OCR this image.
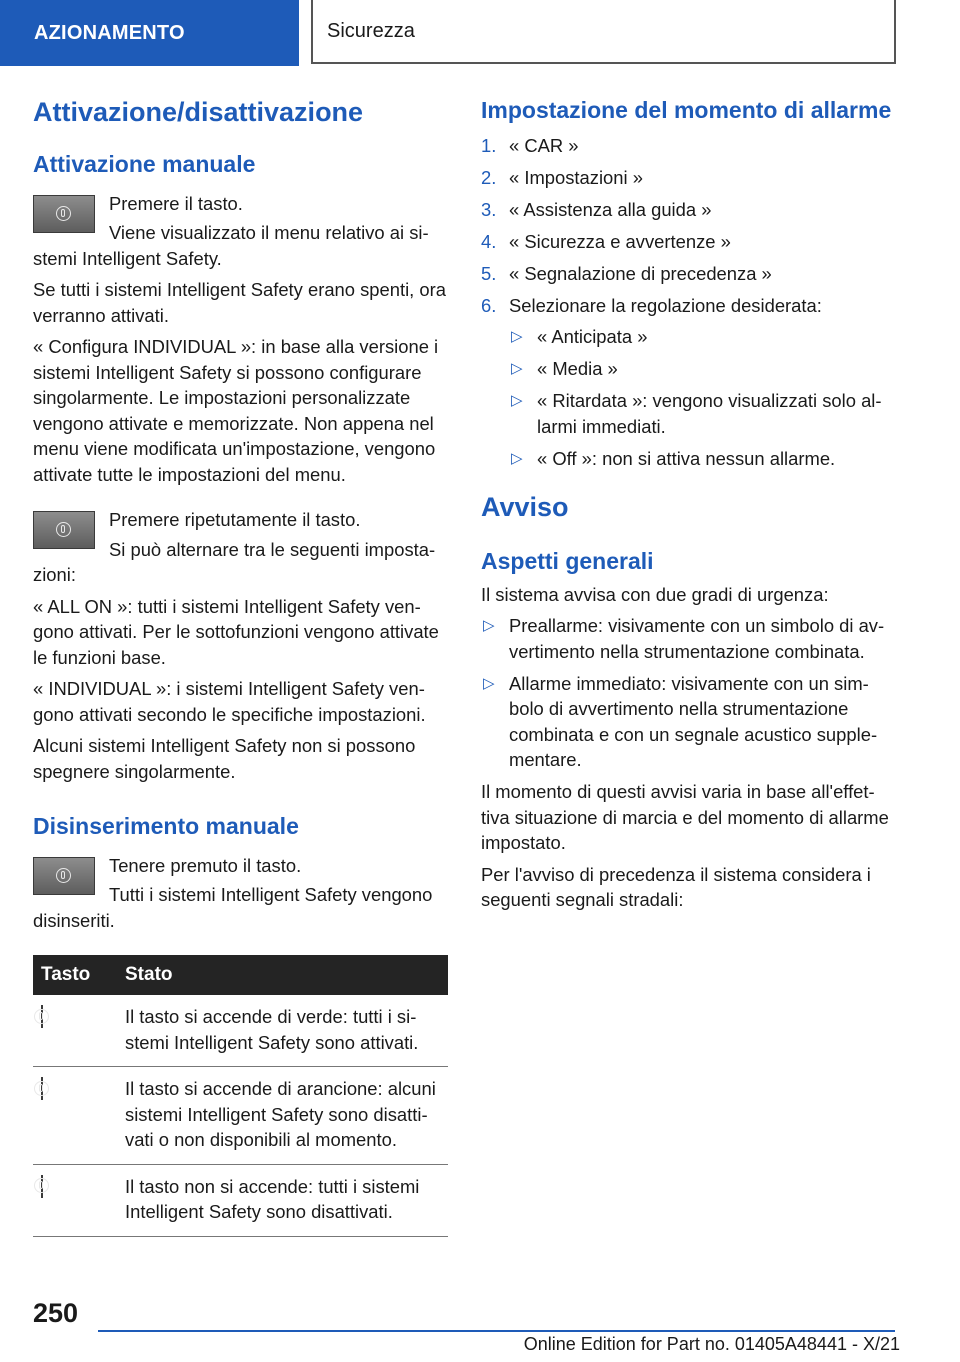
AZIONAMENTO	Sicurezza
Attivazione/disattivazione
Attivazione manuale

Premere il tasto.

Viene visualizzato il menu relativo ai sistemi Intelligent Safety.

Se tutti i sistemi Intelligent Safety erano spenti, ora verranno attivati.

« Configura INDIVIDUAL »: in base alla versione i sistemi Intelligent Safety si possono configurare singolarmente. Le impostazioni personalizzate vengono attivate e memorizzate. Non appena nel menu viene modificata un'impostazione, vengono attivate tutte le impostazioni del menu.

Premere ripetutamente il tasto.

Si può alternare tra le seguenti impostazioni:

« ALL ON »: tutti i sistemi Intelligent Safety vengono attivati. Per le sottofunzioni vengono attivate le funzioni base.

« INDIVIDUAL »: i sistemi Intelligent Safety vengono attivati secondo le specifiche impostazioni.

Alcuni sistemi Intelligent Safety non si possono spegnere singolarmente.

Disinserimento manuale

Tenere premuto il tasto.

Tutti i sistemi Intelligent Safety vengono disinseriti.

Tasto	Stato

	Il tasto si accende di verde: tutti i sistemi Intelligent Safety sono attivati.

	Il tasto si accende di arancione: alcuni sistemi Intelligent Safety sono disattivati o non disponibili al momento.

	Il tasto non si accende: tutti i sistemi Intelligent Safety sono disattivati.
Impostazione del momento di allarme
1. « CAR »
2. « Impostazioni »
3. « Assistenza alla guida »
4. « Sicurezza e avvertenze »
5. « Segnalazione di precedenza »
6. Selezionare la regolazione desiderata:
▷ « Anticipata »
▷ « Media »
▷ « Ritardata »: vengono visualizzati solo allarmi immediati.
▷ « Off »: non si attiva nessun allarme.
Avviso
Aspetti generali

Il sistema avvisa con due gradi di urgenza:

▷ Preallarme: visivamente con un simbolo di avvertimento nella strumentazione combinata.
▷ Allarme immediato: visivamente con un simbolo di avvertimento nella strumentazione combinata e con un segnale acustico supplementare.

Il momento di questi avvisi varia in base all'effettiva situazione di marcia e del momento di allarme impostato.

Per l'avviso di precedenza il sistema considera i seguenti segnali stradali:

250
Online Edition for Part no. 01405A48441 - X/21
